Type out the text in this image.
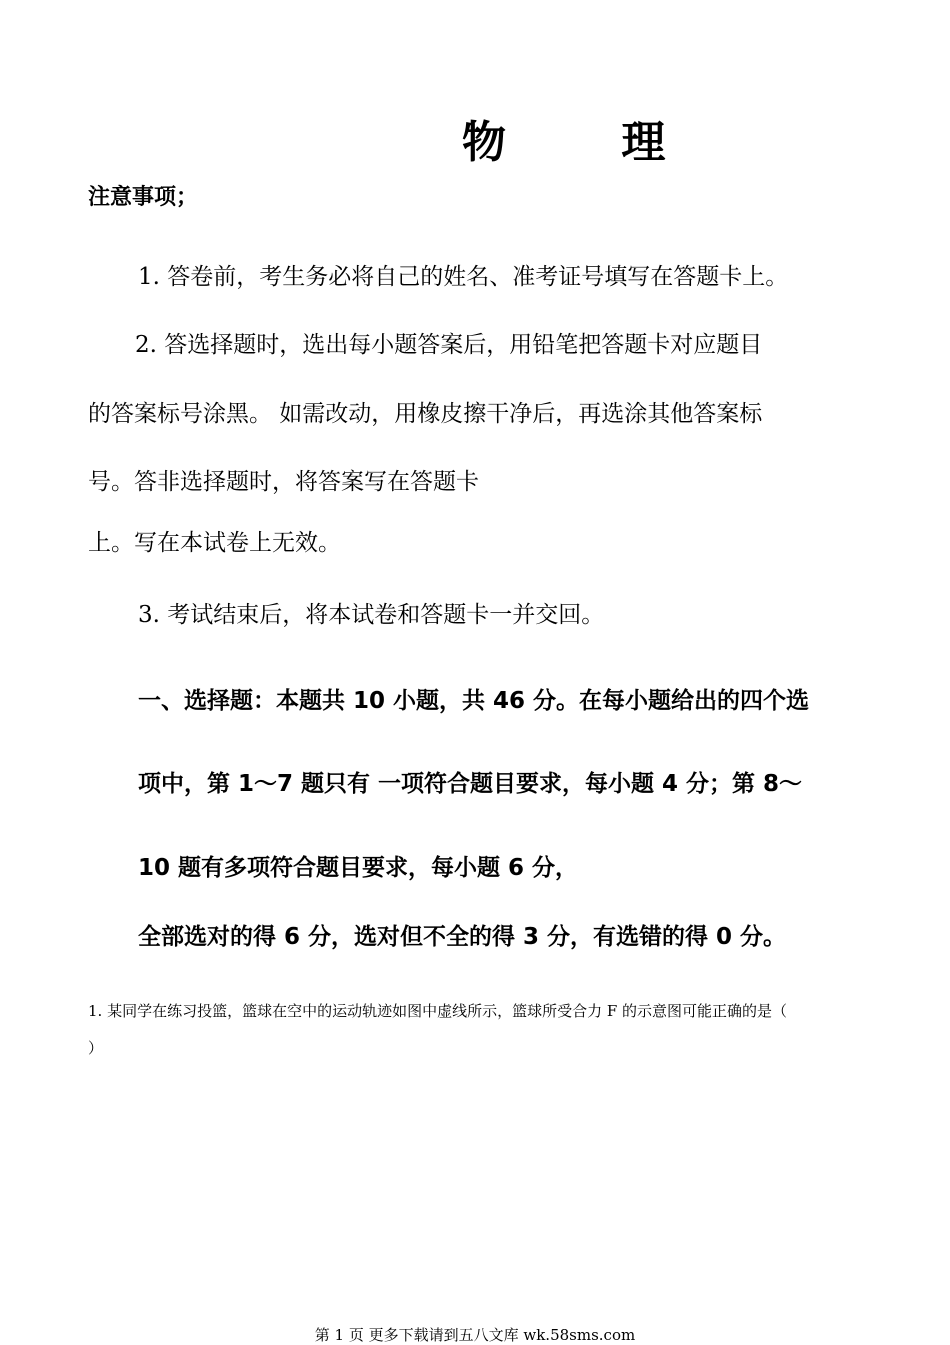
物 理
注意事项；
1. 答卷前，考生务必将自己的姓名、准考证号填写在答题卡上。
2. 答选择题时，选出每小题答案后，用铅笔把答题卡对应题目
的答案标号涂黑。 如需改动，用橡皮擦干净后，再选涂其他答案标
号。答非选择题时，将答案写在答题卡
上。写在本试卷上无效。
3. 考试结束后，将本试卷和答题卡一并交回。
一、选择题：本题共 10 小题，共 46 分。在每小题给出的四个选
项中，第 1～7 题只有 一项符合题目要求，每小题 4 分；第 8～
10 题有多项符合题目要求，每小题 6 分，
全部选对的得 6 分，选对但不全的得 3 分，有选错的得 0 分。
1. 某同学在练习投篮，篮球在空中的运动轨迹如图中虚线所示，篮球所受合力 F 的示意图可能正确的是（
）
第 1 页 更多下载请到五八文库 wk.58sms.com
